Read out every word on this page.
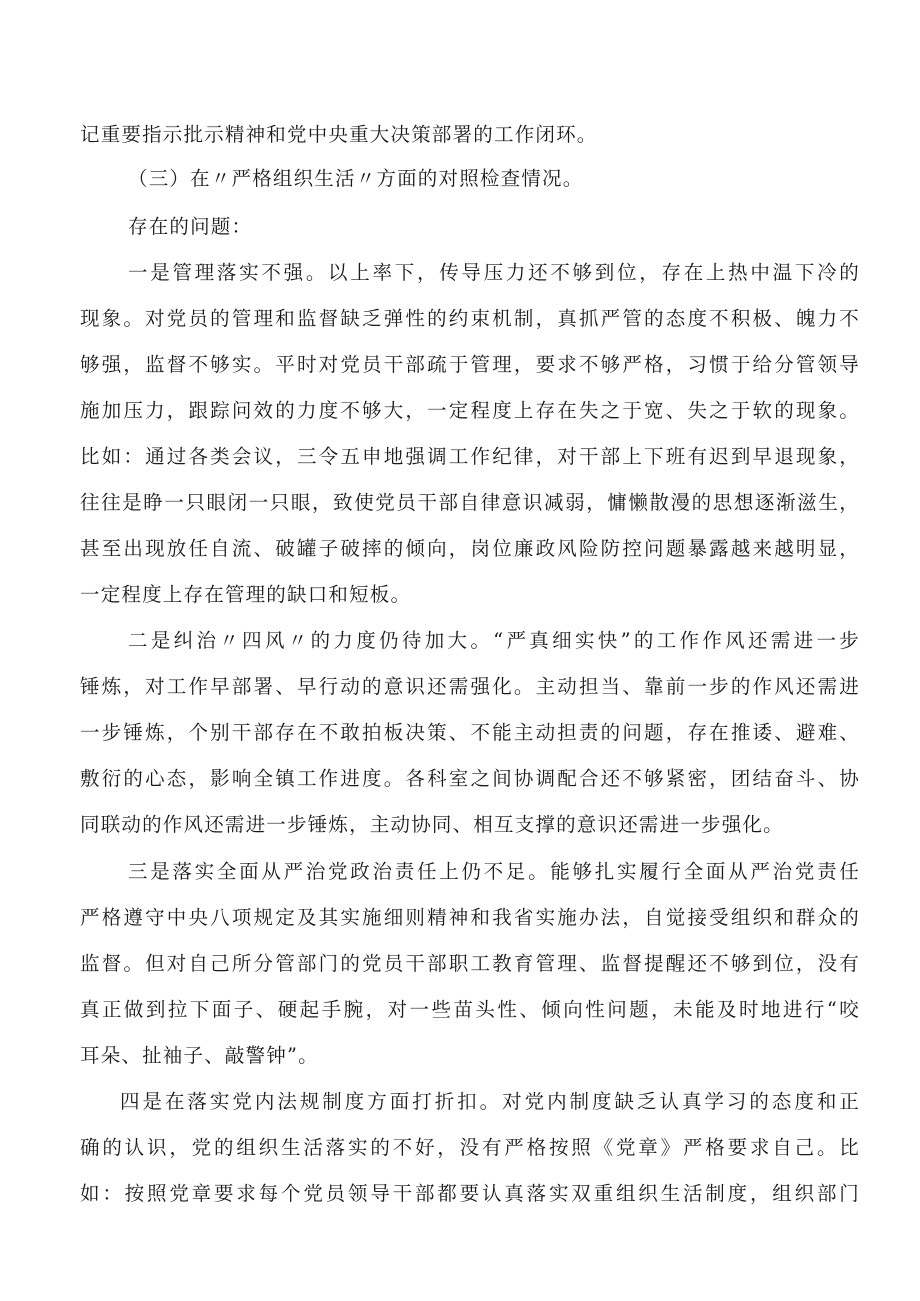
记重要指示批示精神和党中央重大决策部署的工作闭环。
（三）在〃严格组织生活〃方面的对照检查情况。
存在的问题：
一是管理落实不强。以上率下，传导压力还不够到位，存在上热中温下冷的
现象。对党员的管理和监督缺乏弹性的约束机制，真抓严管的态度不积极、魄力不
够强，监督不够实。平时对党员干部疏于管理，要求不够严格，习惯于给分管领导
施加压力，跟踪问效的力度不够大，一定程度上存在失之于宽、失之于软的现象。
比如：通过各类会议，三令五申地强调工作纪律，对干部上下班有迟到早退现象，
往往是睁一只眼闭一只眼，致使党员干部自律意识减弱，慵懒散漫的思想逐渐滋生，
甚至出现放任自流、破罐子破摔的倾向，岗位廉政风险防控问题暴露越来越明显，
一定程度上存在管理的缺口和短板。
二是纠治〃四风〃的力度仍待加大。“严真细实快”的工作作风还需进一步
锤炼，对工作早部署、早行动的意识还需强化。主动担当、靠前一步的作风还需进
一步锤炼，个别干部存在不敢拍板决策、不能主动担责的问题，存在推诿、避难、
敷衍的心态，影响全镇工作进度。各科室之间协调配合还不够紧密，团结奋斗、协
同联动的作风还需进一步锤炼，主动协同、相互支撑的意识还需进一步强化。
三是落实全面从严治党政治责任上仍不足。能够扎实履行全面从严治党责任
严格遵守中央八项规定及其实施细则精神和我省实施办法，自觉接受组织和群众的
监督。但对自己所分管部门的党员干部职工教育管理、监督提醒还不够到位，没有
真正做到拉下面子、硬起手腕，对一些苗头性、倾向性问题，未能及时地进行“咬
耳朵、扯袖子、敲警钟”。
四是在落实党内法规制度方面打折扣。对党内制度缺乏认真学习的态度和正
确的认识，党的组织生活落实的不好，没有严格按照《党章》严格要求自己。比
如：按照党章要求每个党员领导干部都要认真落实双重组织生活制度，组织部门
